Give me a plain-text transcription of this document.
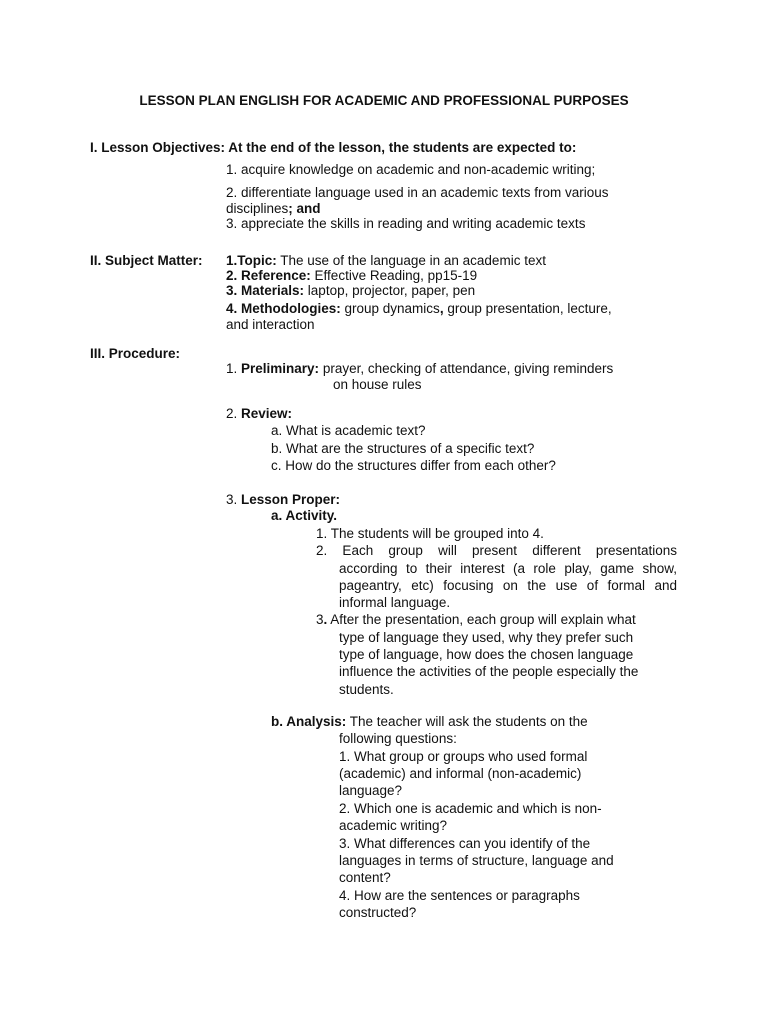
LESSON PLAN ENGLISH FOR ACADEMIC AND PROFESSIONAL PURPOSES
I. Lesson Objectives: At the end of the lesson, the students are expected to:
1. acquire knowledge on academic and non-academic writing;
2. differentiate language used in an academic texts from various
disciplines; and
3. appreciate the skills in reading and writing academic texts
II. Subject Matter: 1.Topic: The use of the language in an academic text
2. Reference: Effective Reading, pp15-19
3. Materials: laptop, projector, paper, pen
4. Methodologies: group dynamics, group presentation, lecture,
and interaction
III. Procedure:
1. Preliminary: prayer, checking of attendance, giving reminders
on house rules
2. Review:
a. What is academic text?
b. What are the structures of a specific text?
c. How do the structures differ from each other?
3. Lesson Proper:
a. Activity.
1. The students will be grouped into 4.
2. Each group will present different presentations
according to their interest (a role play, game show,
pageantry, etc) focusing on the use of formal and
informal language.
3. After the presentation, each group will explain what
type of language they used, why they prefer such
type of language, how does the chosen language
influence the activities of the people especially the
students.
b. Analysis: The teacher will ask the students on the
following questions:
1. What group or groups who used formal
(academic) and informal (non-academic)
language?
2. Which one is academic and which is non-
academic writing?
3. What differences can you identify of the
languages in terms of structure, language and
content?
4. How are the sentences or paragraphs
constructed?
